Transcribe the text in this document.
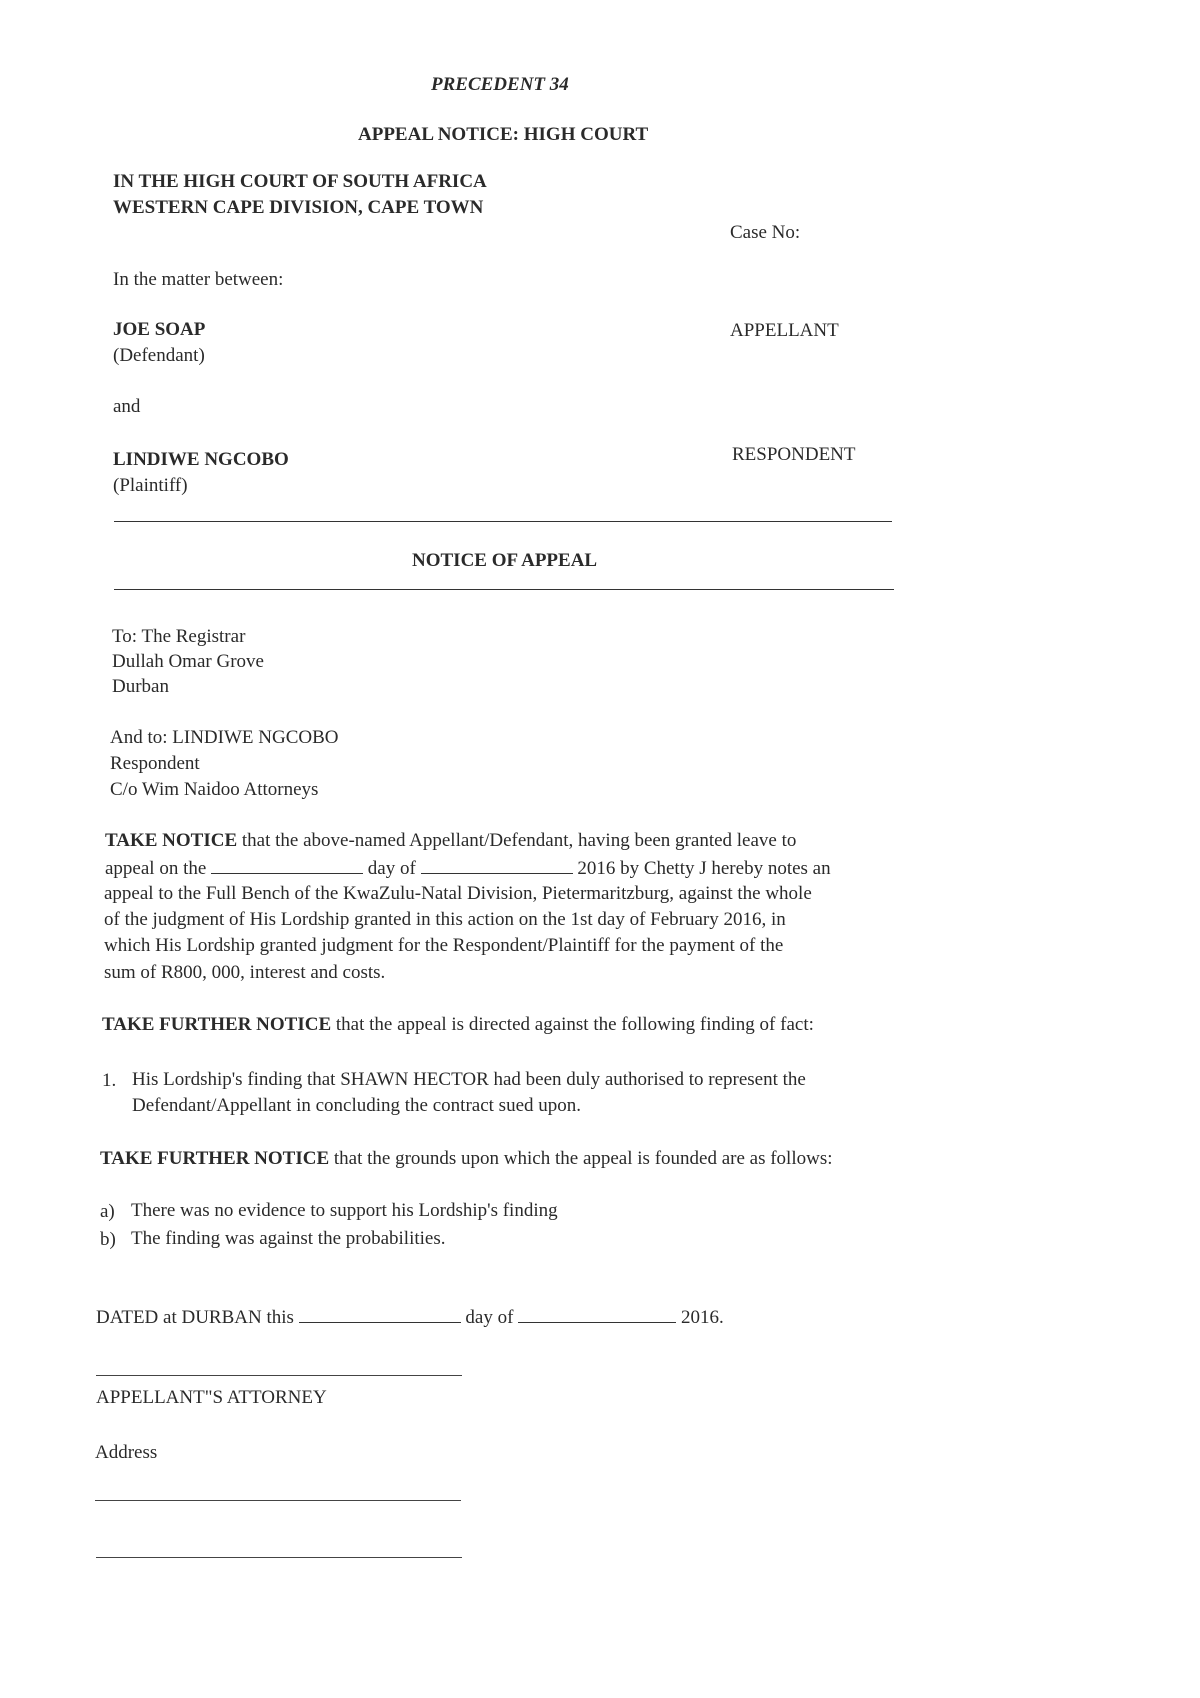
PRECEDENT 34
APPEAL NOTICE: HIGH COURT
IN THE HIGH COURT OF SOUTH AFRICA
WESTERN CAPE DIVISION, CAPE TOWN
Case No:
In the matter between:
JOE SOAP
(Defendant)
APPELLANT
and
LINDIWE NGCOBO
(Plaintiff)
RESPONDENT
NOTICE OF APPEAL
To: The Registrar
Dullah Omar Grove
Durban
And to: LINDIWE NGCOBO
Respondent
C/o Wim Naidoo Attorneys
TAKE NOTICE that the above-named Appellant/Defendant, having been granted leave to
appeal on the	day of	2016 by Chetty J hereby notes an
appeal to the Full Bench of the KwaZulu-Natal Division, Pietermaritzburg, against the whole
of the judgment of His Lordship granted in this action on the 1st day of February 2016, in
which His Lordship granted judgment for the Respondent/Plaintiff for the payment of the
sum of R800, 000, interest and costs.
TAKE FURTHER NOTICE that the appeal is directed against the following finding of fact:
1. His Lordship's finding that SHAWN HECTOR had been duly authorised to represent the
Defendant/Appellant in concluding the contract sued upon.
TAKE FURTHER NOTICE that the grounds upon which the appeal is founded are as follows:
a) There was no evidence to support his Lordship's finding
b) The finding was against the probabilities.
DATED at DURBAN this	day of	2016.
APPELLANT"S ATTORNEY
Address
